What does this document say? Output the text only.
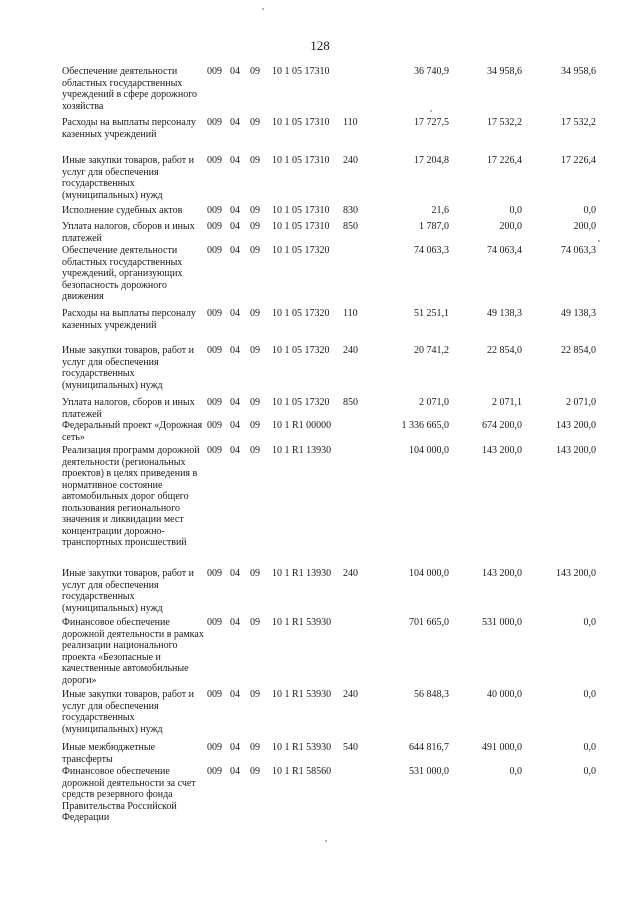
128
Обеспечение деятельности областных государственных учреждений в сфере дорожного хозяйства
009 04 09 10 1 05 17310	36 740,9	34 958,6	34 958,6
Расходы на выплаты персоналу казенных учреждений
009 04 09 10 1 05 17310 110	17 727,5	17 532,2	17 532,2
Иные закупки товаров, работ и услуг для обеспечения государственных (муниципальных) нужд
009 04 09 10 1 05 17310 240	17 204,8	17 226,4	17 226,4
Исполнение судебных актов	009 04 09 10 1 05 17310 830	21,6	0,0	0,0
Уплата налогов, сборов и иных платежей
009 04 09 10 1 05 17310 850	1 787,0	200,0	200,0
Обеспечение деятельности областных государственных учреждений, организующих безопасность дорожного движения
009 04 09 10 1 05 17320	74 063,3	74 063,4	74 063,3
Расходы на выплаты персоналу казенных учреждений
009 04 09 10 1 05 17320 110	51 251,1	49 138,3	49 138,3
Иные закупки товаров, работ и услуг для обеспечения государственных (муниципальных) нужд
009 04 09 10 1 05 17320 240	20 741,2	22 854,0	22 854,0
Уплата налогов, сборов и иных платежей
009 04 09 10 1 05 17320 850	2 071,0	2 071,1	2 071,0
Федеральный проект «Дорожная сеть»
009 04 09 10 1 R1 00000	1 336 665,0	674 200,0	143 200,0
Реализация программ дорожной деятельности (региональных проектов) в целях приведения в нормативное состояние автомобильных дорог общего пользования регионального значения и ликвидации мест концентрации дорожно-транспортных происшествий
009 04 09 10 1 R1 13930	104 000,0	143 200,0	143 200,0
Иные закупки товаров, работ и услуг для обеспечения государственных (муниципальных) нужд
009 04 09 10 1 R1 13930 240	104 000,0	143 200,0	143 200,0
Финансовое обеспечение дорожной деятельности в рамках реализации национального проекта «Безопасные и качественные автомобильные дороги»
009 04 09 10 1 R1 53930	701 665,0	531 000,0	0,0
Иные закупки товаров, работ и услуг для обеспечения государственных (муниципальных) нужд
009 04 09 10 1 R1 53930 240	56 848,3	40 000,0	0,0
Иные межбюджетные трансферты
009 04 09 10 1 R1 53930 540	644 816,7	491 000,0	0,0
Финансовое обеспечение дорожной деятельности за счет средств резервного фонда Правительства Российской Федерации
009 04 09 10 1 R1 58560	531 000,0	0,0	0,0
